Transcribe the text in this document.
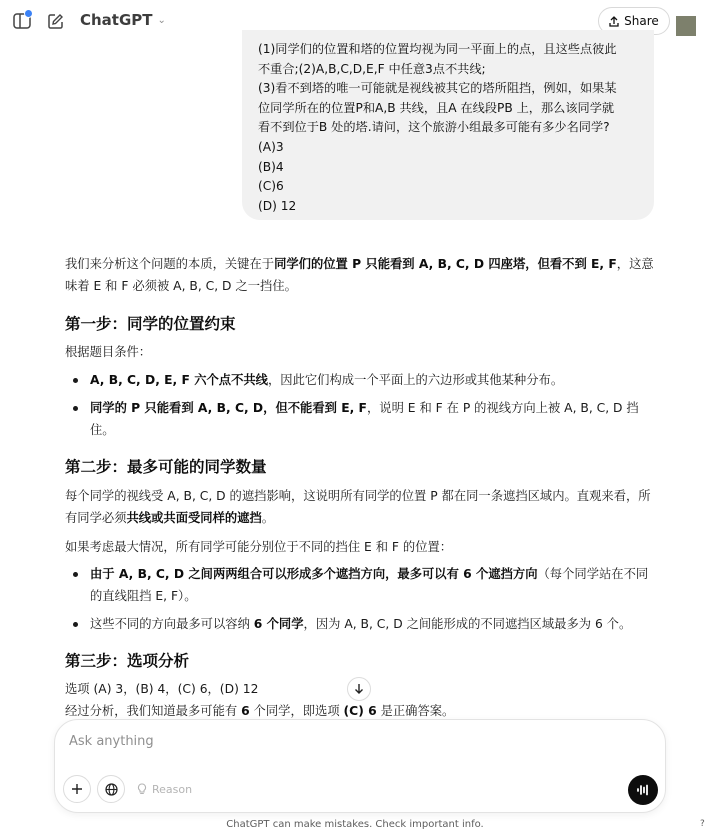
ChatGPT ⌄	Share
(1)同学们的位置和塔的位置均视为同一平面上的点，且这些点彼此
不重合;(2)A,B,C,D,E,F 中任意3点不共线;
(3)看不到塔的唯一可能就是视线被其它的塔所阻挡，例如，如果某
位同学所在的位置P和A,B 共线，且A 在线段PB 上，那么该同学就
看不到位于B 处的塔.请问，这个旅游小组最多可能有多少名同学?
(A)3
(B)4
(C)6
(D) 12

我们来分析这个问题的本质，关键在于同学们的位置 P 只能看到 A, B, C, D 四座塔，但看不到 E, F，这意味着 E 和 F 必须被 A, B, C, D 之一挡住。

第一步：同学的位置约束

根据题目条件：

A, B, C, D, E, F 六个点不共线，因此它们构成一个平面上的六边形或其他某种分布。
同学的 P 只能看到 A, B, C, D，但不能看到 E, F，说明 E 和 F 在 P 的视线方向上被 A, B, C, D 挡住。
第二步：最多可能的同学数量

每个同学的视线受 A, B, C, D 的遮挡影响，这说明所有同学的位置 P 都在同一条遮挡区域内。直观来看，所有同学必须共线或共面受同样的遮挡。

如果考虑最大情况，所有同学可能分别位于不同的挡住 E 和 F 的位置：

由于 A, B, C, D 之间两两组合可以形成多个遮挡方向，最多可以有 6 个遮挡方向（每个同学站在不同的直线阻挡 E, F）。
这些不同的方向最多可以容纳 6 个同学，因为 A, B, C, D 之间能形成的不同遮挡区域最多为 6 个。
第三步：选项分析

选项 (A) 3，(B) 4，(C) 6，(D) 12

经过分析，我们知道最多可能有 6 个同学，即选项 (C) 6 是正确答案。

Ask anything
Reason
ChatGPT can make mistakes. Check important info.	?
